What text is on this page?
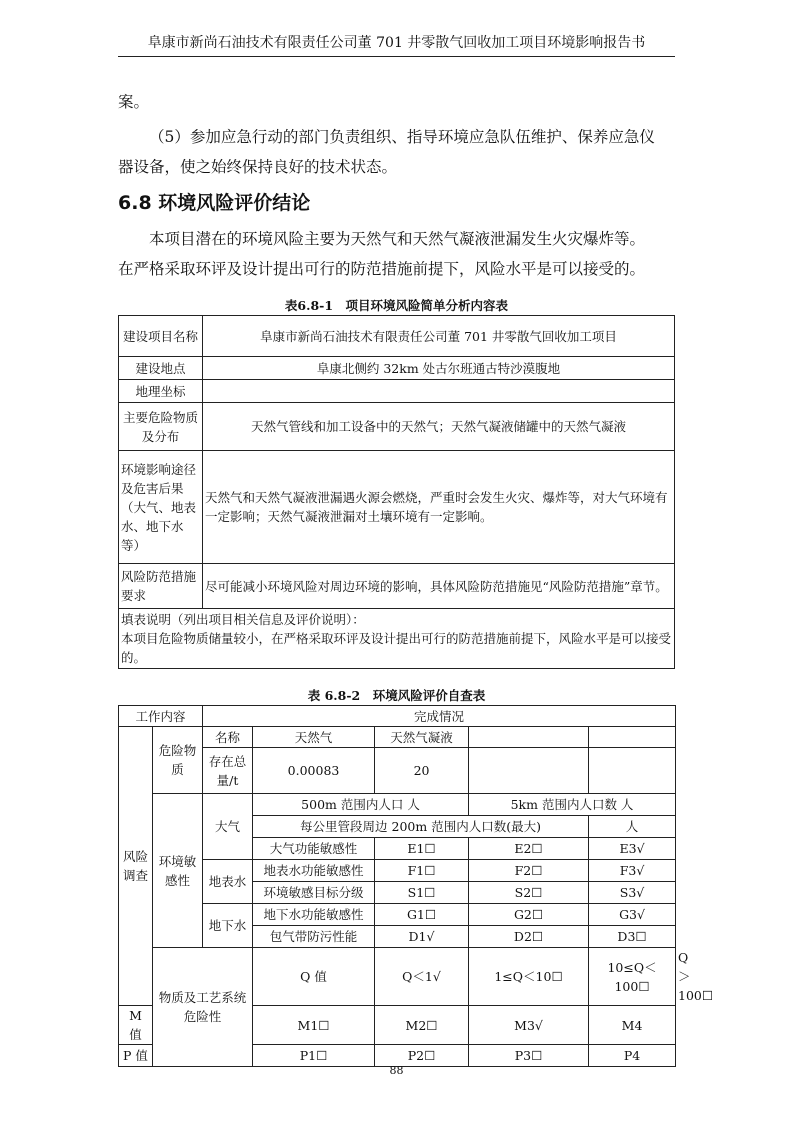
阜康市新尚石油技术有限责任公司董 701 井零散气回收加工项目环境影响报告书
案。
（5）参加应急行动的部门负责组织、指导环境应急队伍维护、保养应急仪
器设备，使之始终保持良好的技术状态。
6.8 环境风险评价结论
本项目潜在的环境风险主要为天然气和天然气凝液泄漏发生火灾爆炸等。
在严格采取环评及设计提出可行的防范措施前提下，风险水平是可以接受的。
表6.8-1　项目环境风险简单分析内容表
建设项目名称	阜康市新尚石油技术有限责任公司董 701 井零散气回收加工项目
建设地点	阜康北侧约 32km 处古尔班通古特沙漠腹地
地理坐标	
主要危险物质及分布	天然气管线和加工设备中的天然气；天然气凝液储罐中的天然气凝液
环境影响途径及危害后果（大气、地表水、地下水等）	天然气和天然气凝液泄漏遇火源会燃烧，严重时会发生火灾、爆炸等，对大气环境有一定影响；天然气凝液泄漏对土壤环境有一定影响。
风险防范措施要求	尽可能减小环境风险对周边环境的影响，具体风险防范措施见“风险防范措施”章节。

填表说明（列出项目相关信息及评价说明）：
本项目危险物质储量较小，在严格采取环评及设计提出可行的防范措施前提下，风险水平是可以接受的。	
表 6.8-2　环境风险评价自查表
工作内容		完成情况					
风险调查	危险物质	名称	天然气	天然气凝液			
		存在总量/t	0.00083	20			
	环境敏感性	大气	500m 范围内人口 人		5km 范围内人口数 人		
			每公里管段周边 200m 范围内人口数(最大)			人	
			大气功能敏感性	E1☐	E2☐	E3√	
		地表水	地表水功能敏感性	F1☐	F2☐	F3√	
			环境敏感目标分级	S1☐	S2☐	S3√	
		地下水	地下水功能敏感性	G1☐	G2☐	G3√	
			包气带防污性能	D1√	D2☐	D3☐	
	物质及工艺系统危险性		Q 值	Q＜1√	1≤Q＜10☐	10≤Q＜100☐	Q＞100☐
M 值			M1☐	M2☐	M3√	M4	
P 值			P1☐	P2☐	P3☐	P4	
88
